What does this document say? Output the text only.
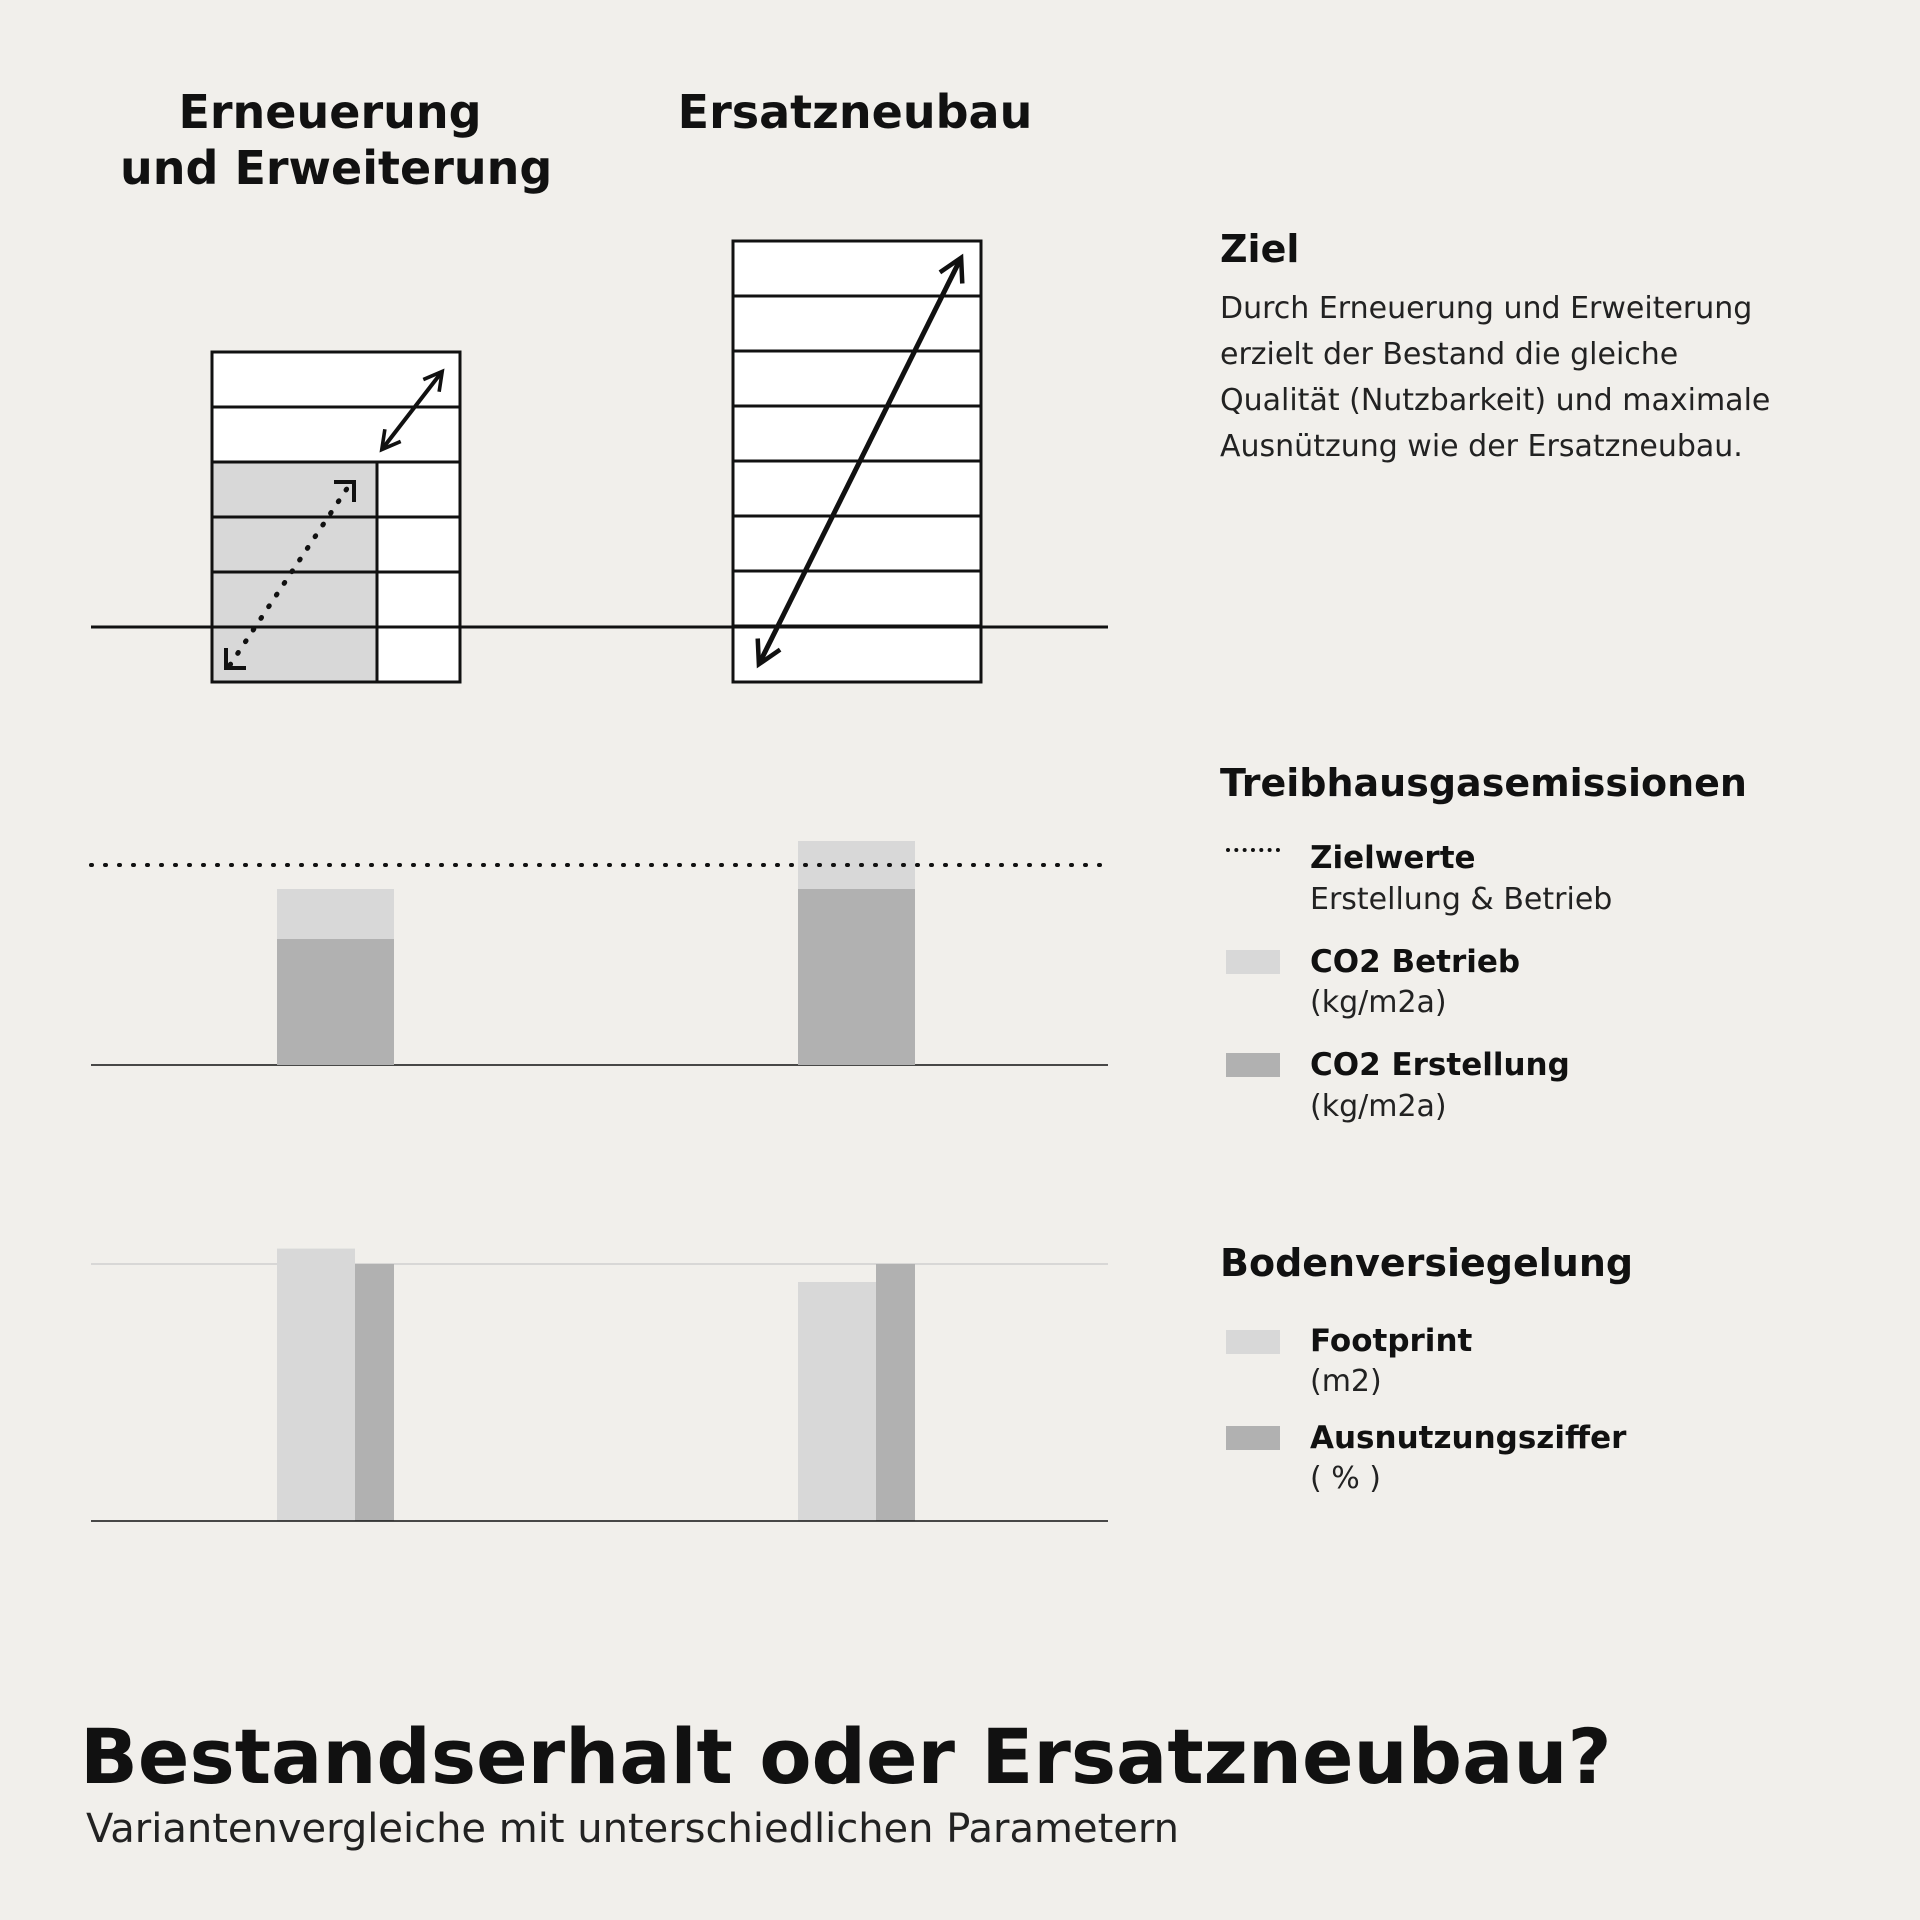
Erneuerung
und Erweiterung
Ersatzneubau
Ziel
Durch Erneuerung und Erweiterung erzielt der Bestand die gleiche Qualität (Nutzbarkeit) und maximale Ausnützung wie der Ersatzneubau.
Treibhausgasemissionen
Zielwerte
Erstellung & Betrieb
CO2 Betrieb
(kg/m2a)
CO2 Erstellung
(kg/m2a)
Bodenversiegelung
Footprint
(m2)
Ausnutzungsziffer
( % )
Bestandserhalt oder Ersatzneubau?
Variantenvergleiche mit unterschiedlichen Parametern
